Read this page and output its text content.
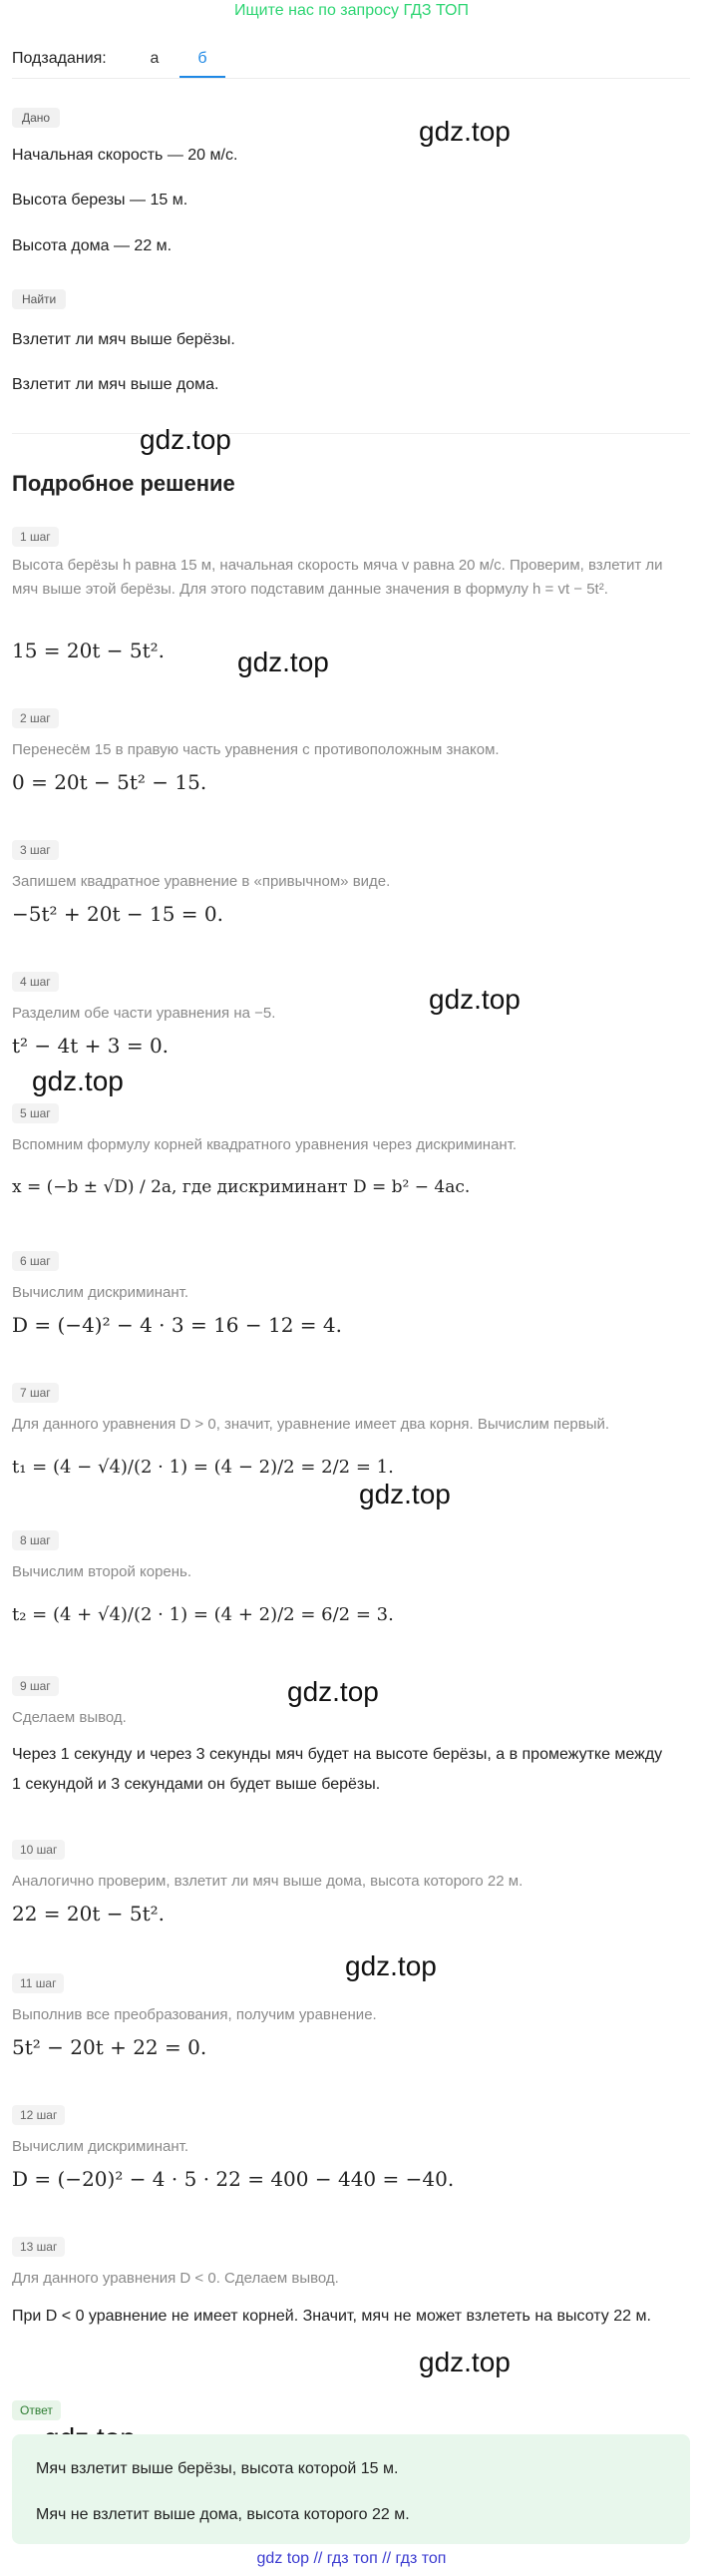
Ищите нас по запросу ГДЗ ТОП
Подзадания:	а	б
Дано
Начальная скорость — 20 м/с.
Высота березы — 15 м.
Высота дома — 22 м.
Найти
Взлетит ли мяч выше берёзы.
Взлетит ли мяч выше дома.
Подробное решение
gdz.top
gdz.top
gdz.top
gdz.top
gdz.top
gdz.top
gdz.top
gdz.top
gdz.top
1 шаг
Высота берёзы h равна 15 м, начальная скорость мяча v равна 20 м/с. Проверим, взлетит ли мяч выше этой берёзы. Для этого подставим данные значения в формулу h = vt − 5t².
15 = 20t − 5t².
2 шаг
Перенесём 15 в правую часть уравнения с противоположным знаком.
0 = 20t − 5t² − 15.
3 шаг
Запишем квадратное уравнение в «привычном» виде.
−5t² + 20t − 15 = 0.
4 шаг
Разделим обе части уравнения на −5.
t² − 4t + 3 = 0.
5 шаг
Вспомним формулу корней квадратного уравнения через дискриминант.
x = (−b ± √D) / 2a, где дискриминант D = b² − 4ac.
6 шаг
Вычислим дискриминант.
D = (−4)² − 4 · 3 = 16 − 12 = 4.
7 шаг
Для данного уравнения D > 0, значит, уравнение имеет два корня. Вычислим первый.
t₁ = (4 − √4)/(2 · 1) = (4 − 2)/2 = 2/2 = 1.
8 шаг
Вычислим второй корень.
t₂ = (4 + √4)/(2 · 1) = (4 + 2)/2 = 6/2 = 3.
9 шаг
Сделаем вывод.
Через 1 секунду и через 3 секунды мяч будет на высоте берёзы, а в промежутке между 1 секундой и 3 секундами он будет выше берёзы.
10 шаг
Аналогично проверим, взлетит ли мяч выше дома, высота которого 22 м.
22 = 20t − 5t².
11 шаг
Выполнив все преобразования, получим уравнение.
5t² − 20t + 22 = 0.
12 шаг
Вычислим дискриминант.
D = (−20)² − 4 · 5 · 22 = 400 − 440 = −40.
13 шаг
Для данного уравнения D < 0. Сделаем вывод.
При D < 0 уравнение не имеет корней. Значит, мяч не может взлететь на высоту 22 м.
Ответ
Мяч взлетит выше берёзы, высота которой 15 м.
Мяч не взлетит выше дома, высота которого 22 м.
gdz top // гдз топ // гдз топ
